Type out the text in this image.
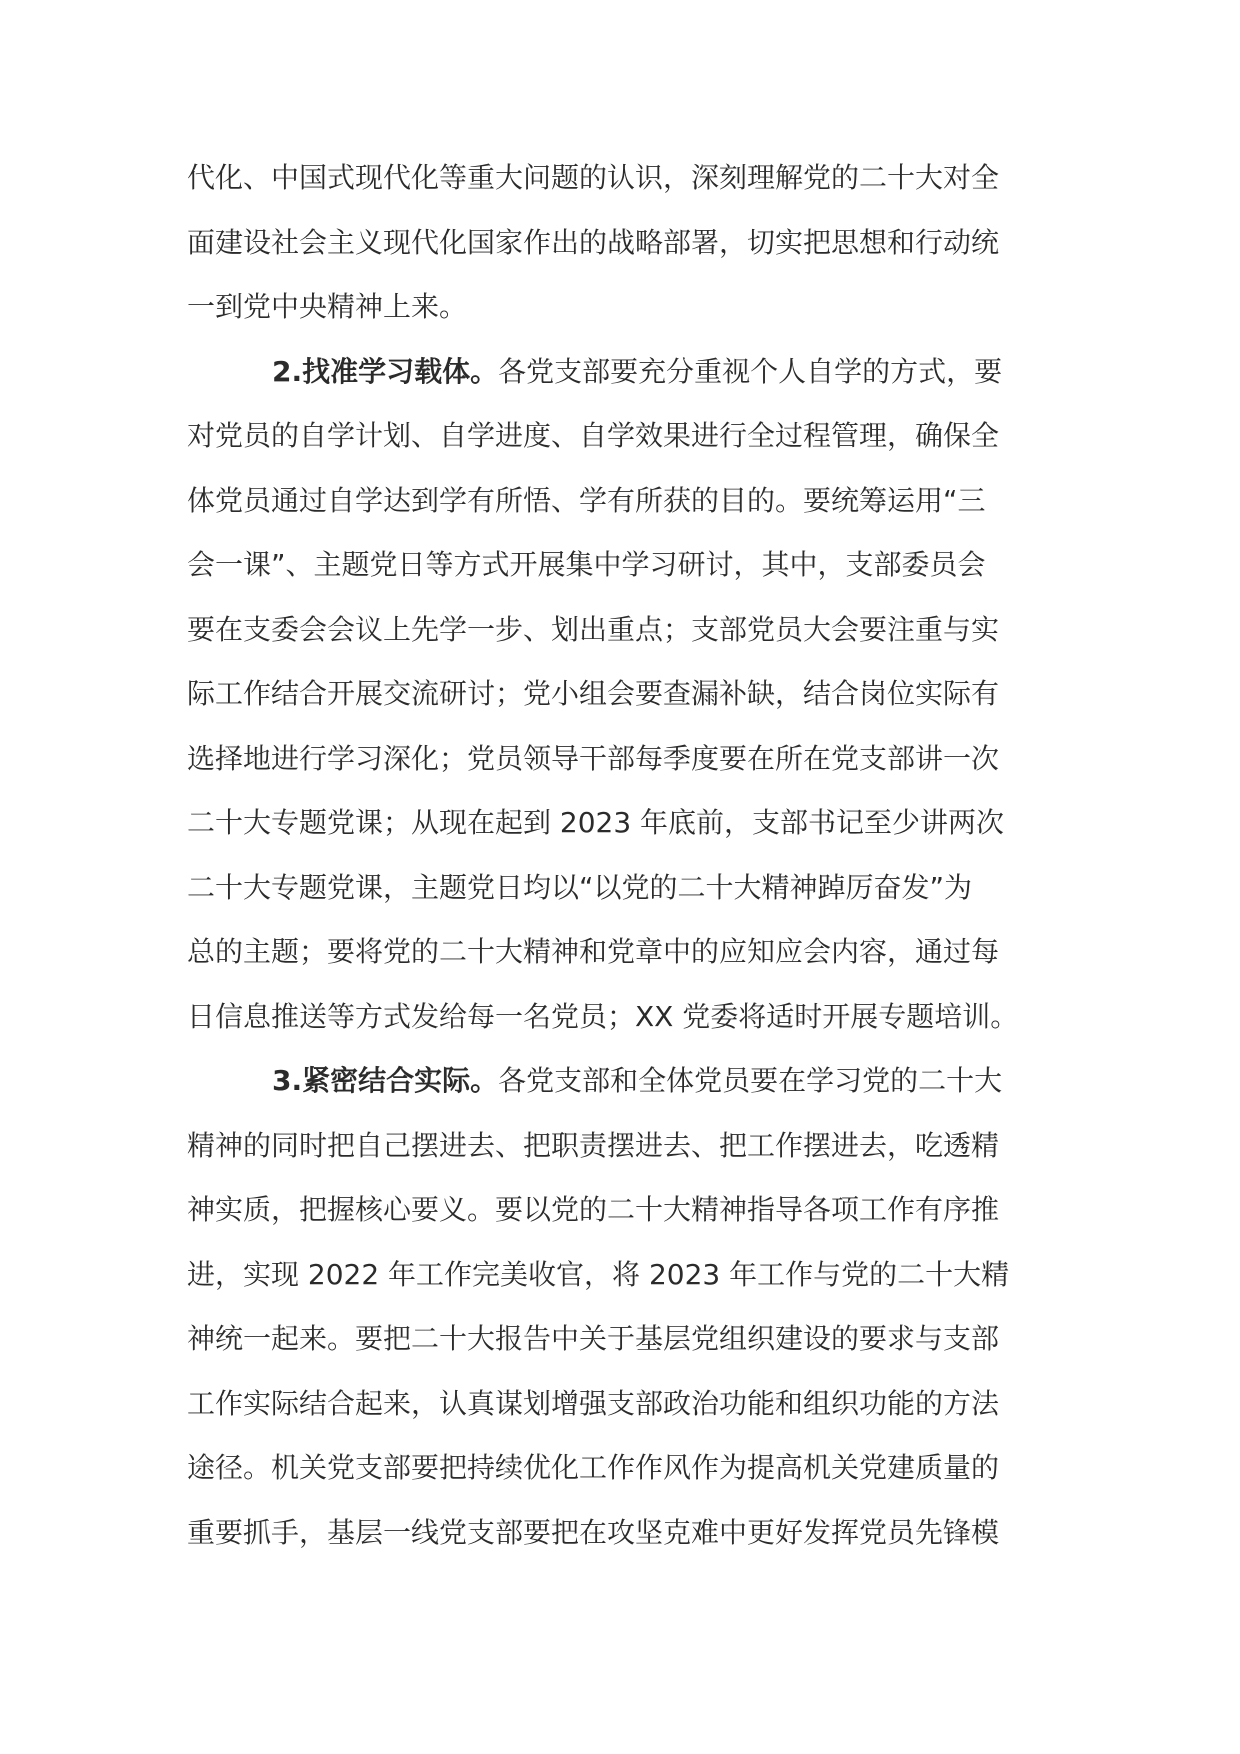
代化、中国式现代化等重大问题的认识，深刻理解党的二十大对全
面建设社会主义现代化国家作出的战略部署，切实把思想和行动统
一到党中央精神上来。
2.找准学习载体。各党支部要充分重视个人自学的方式，要
对党员的自学计划、自学进度、自学效果进行全过程管理，确保全
体党员通过自学达到学有所悟、学有所获的目的。要统筹运用“三
会一课”、主题党日等方式开展集中学习研讨，其中，支部委员会
要在支委会会议上先学一步、划出重点；支部党员大会要注重与实
际工作结合开展交流研讨；党小组会要查漏补缺，结合岗位实际有
选择地进行学习深化；党员领导干部每季度要在所在党支部讲一次
二十大专题党课；从现在起到 2023 年底前，支部书记至少讲两次
二十大专题党课，主题党日均以“以党的二十大精神踔厉奋发”为
总的主题；要将党的二十大精神和党章中的应知应会内容，通过每
日信息推送等方式发给每一名党员；XX 党委将适时开展专题培训。
3.紧密结合实际。各党支部和全体党员要在学习党的二十大
精神的同时把自己摆进去、把职责摆进去、把工作摆进去，吃透精
神实质，把握核心要义。要以党的二十大精神指导各项工作有序推
进，实现 2022 年工作完美收官，将 2023 年工作与党的二十大精
神统一起来。要把二十大报告中关于基层党组织建设的要求与支部
工作实际结合起来，认真谋划增强支部政治功能和组织功能的方法
途径。机关党支部要把持续优化工作作风作为提高机关党建质量的
重要抓手，基层一线党支部要把在攻坚克难中更好发挥党员先锋模
